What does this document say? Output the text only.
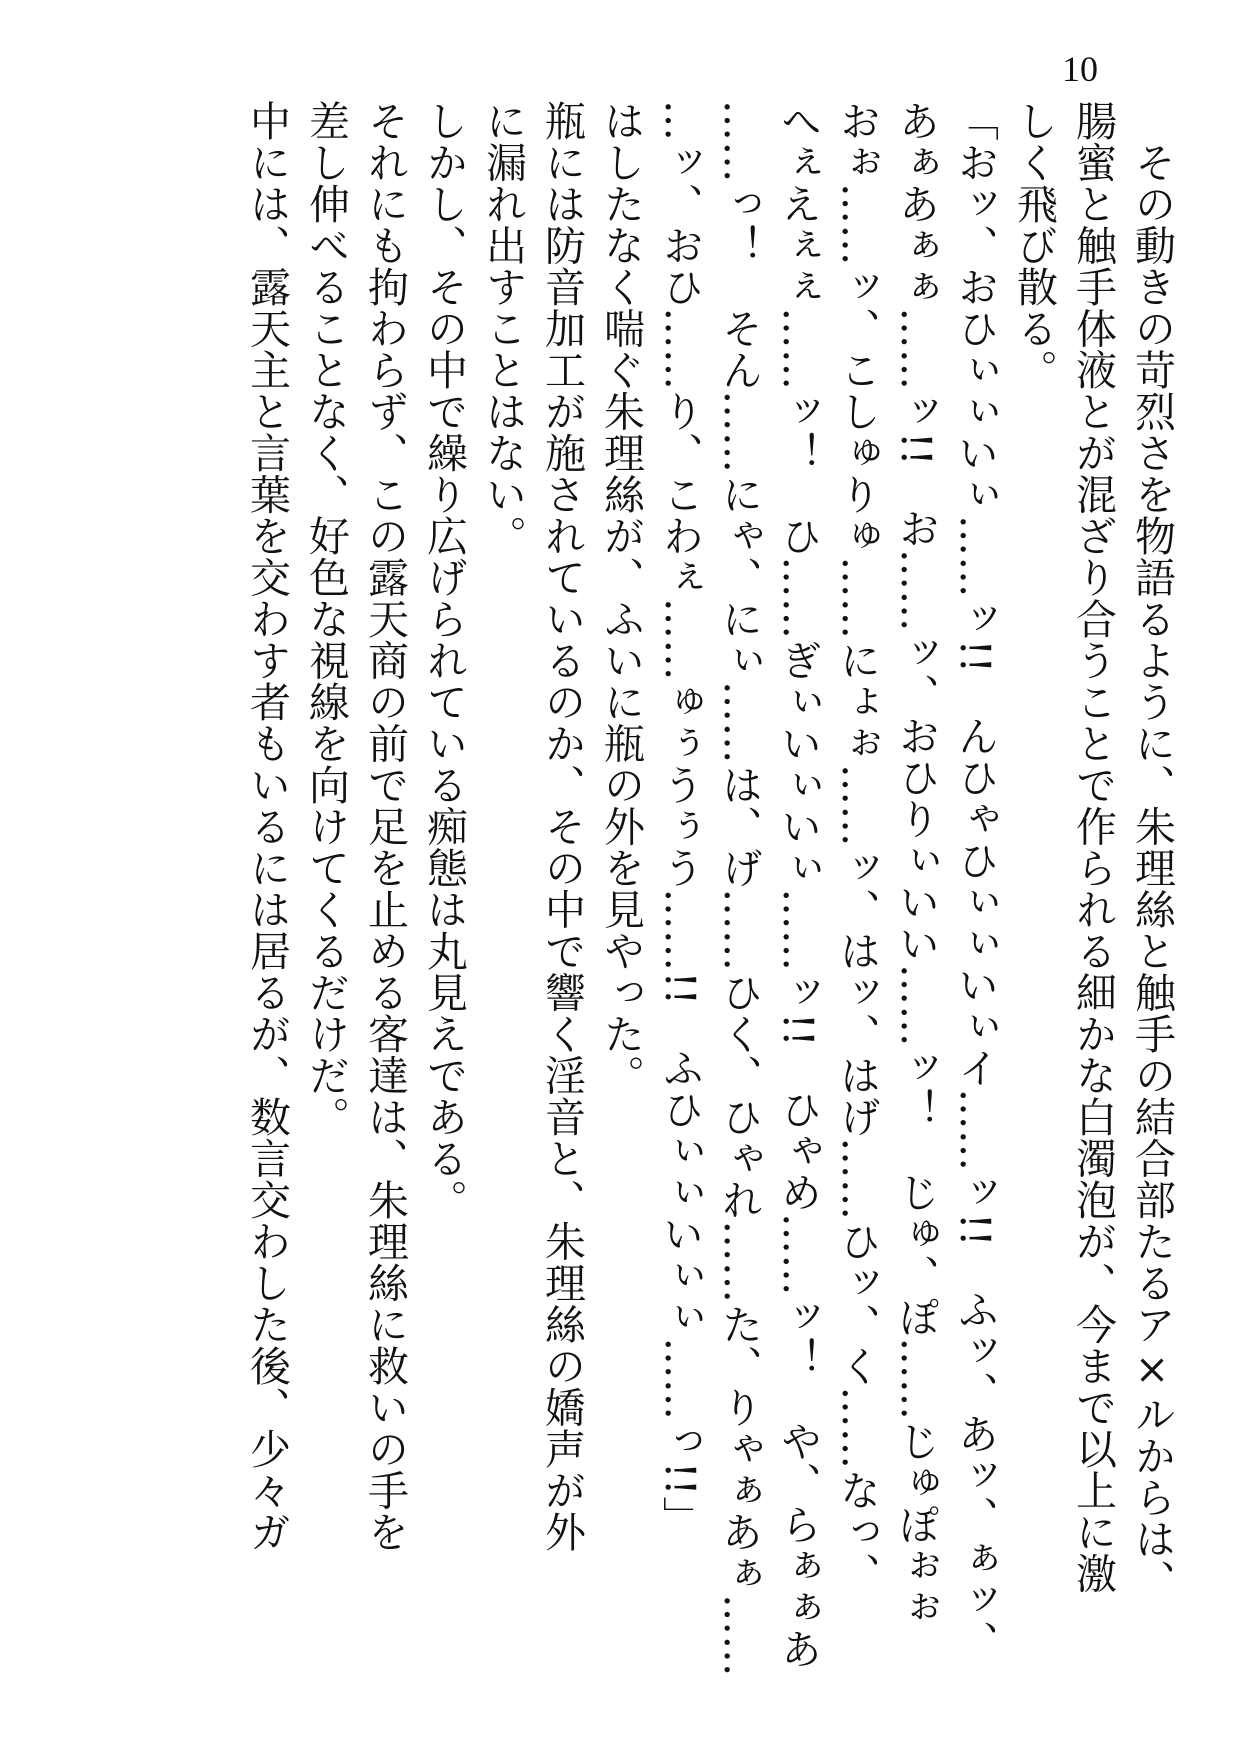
10
　その動きの苛烈さを物語るように、朱理絲と触手の結合部たるア×ルからは、
腸蜜と触手体液とが混ざり合うことで作られる細かな白濁泡が、今まで以上に激
しく飛び散る。
「おッ、おひぃぃいぃ……ッ!!　んひゃひぃぃいぃイ……ッ!!　ふッ、あッ、ぁッ、
あぁあぁぁ……ッ!!　お……ッ、おひりぃいい……ッ！　じゅ、ぽ……じゅぽぉぉ
おぉ……ッ、こしゅりゅ……にょぉ……ッ、はッ、はげ……ひッ、く……なっ、
へぇえぇぇ……ッ！　ひ……ぎぃいぃいぃ……ッ!!　ひゃめ……ッ！　や、らぁぁあ
……っ！　そん……にゃ、にぃ……は、げ……ひく、ひゃれ……た、りゃぁあぁ……
…ッ、おひ……り、こわぇ……ゅぅうぅう……!!　ふひぃぃいぃぃ……っ!!」
はしたなく喘ぐ朱理絲が、ふいに瓶の外を見やった。
瓶には防音加工が施されているのか、その中で響く淫音と、朱理絲の嬌声が外
に漏れ出すことはない。
しかし、その中で繰り広げられている痴態は丸見えである。
それにも拘わらず、この露天商の前で足を止める客達は、朱理絲に救いの手を
差し伸べることなく、好色な視線を向けてくるだけだ。
中には、露天主と言葉を交わす者もいるには居るが、数言交わした後、少々ガ
